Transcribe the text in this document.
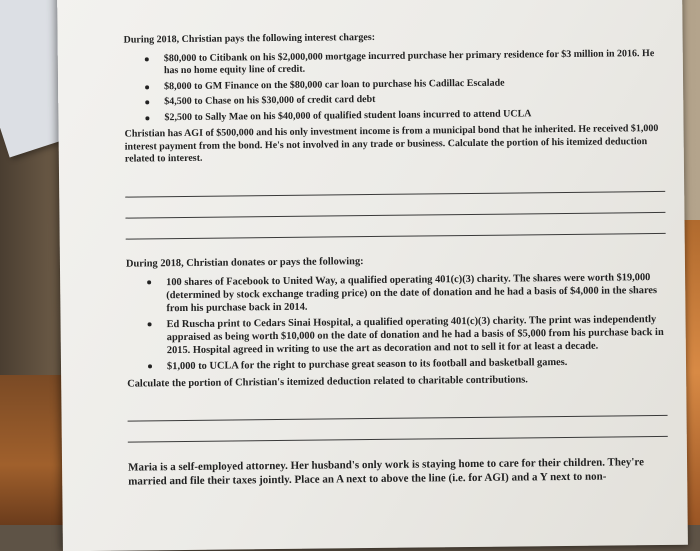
During 2018, Christian pays the following interest charges:

$80,000 to Citibank on his $2,000,000 mortgage incurred purchase her primary residence for $3 million in 2016. He has no home equity line of credit.
$8,000 to GM Finance on the $80,000 car loan to purchase his Cadillac Escalade
$4,500 to Chase on his $30,000 of credit card debt
$2,500 to Sally Mae on his $40,000 of qualified student loans incurred to attend UCLA

Christian has AGI of $500,000 and his only investment income is from a municipal bond that he inherited. He received $1,000 interest payment from the bond. He's not involved in any trade or business. Calculate the portion of his itemized deduction related to interest.

During 2018, Christian donates or pays the following:

100 shares of Facebook to United Way, a qualified operating 401(c)(3) charity. The shares were worth $19,000 (determined by stock exchange trading price) on the date of donation and he had a basis of $4,000 in the shares from his purchase back in 2014.
Ed Ruscha print to Cedars Sinai Hospital, a qualified operating 401(c)(3) charity. The print was independently appraised as being worth $10,000 on the date of donation and he had a basis of $5,000 from his purchase back in 2015. Hospital agreed in writing to use the art as decoration and not to sell it for at least a decade.
$1,000 to UCLA for the right to purchase great season to its football and basketball games.

Calculate the portion of Christian's itemized deduction related to charitable contributions.

Maria is a self-employed attorney. Her husband's only work is staying home to care for their children. They're married and file their taxes jointly. Place an A next to above the line (i.e. for AGI) and a Y next to non-
